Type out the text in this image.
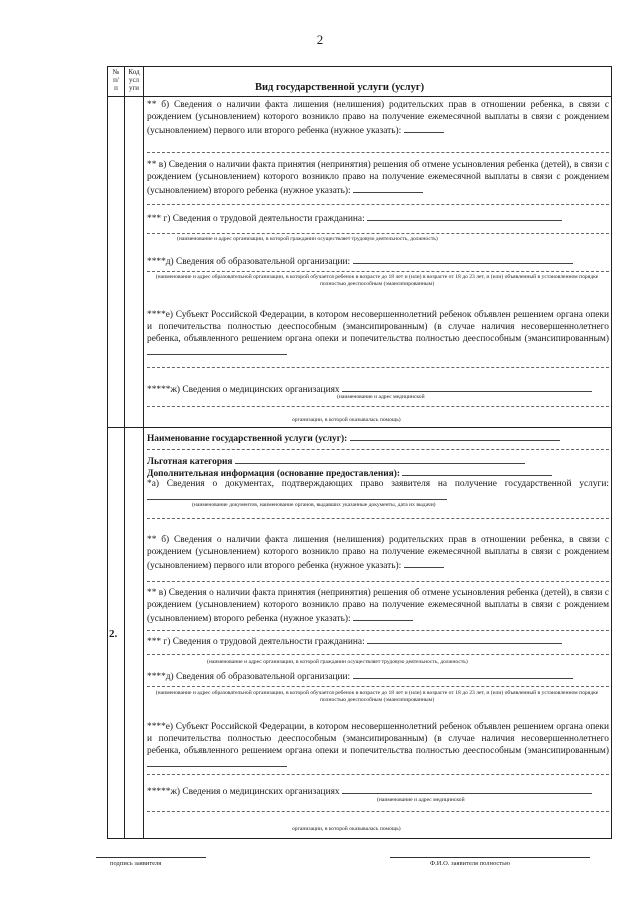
2
№
п/
п
Код
усл
уги	Вид государственной услуги (услуг)
** б) Сведения о наличии факта лишения (нелишения) родительских прав в отношении ребенка, в связи с рождением (усыновлением) которого возникло право на получение ежемесячной выплаты в связи с рождением (усыновлением) первого или второго ребенка (нужное указать):
** в) Сведения о наличии факта принятия (непринятия) решения об отмене усыновления ребенка (детей), в связи с рождением (усыновлением) которого возникло право на получение ежемесячной выплаты в связи с рождением (усыновлением) второго ребенка (нужное указать):
*** г) Сведения о трудовой деятельности гражданина:
(наименование и адрес организации, в которой гражданин осуществляет трудовую деятельность, должность)
****д) Сведения об образовательной организации:
(наименование и адрес образовательной организации, в которой обучается ребенок в возрасте до 18 лет и (или) в возрасте от 18 до 23 лет, и (или) объявленный в установленном порядке полностью дееспособным (эмансипированным)
****е) Субъект Российской Федерации, в котором несовершеннолетний ребенок объявлен решением органа опеки и попечительства полностью дееспособным (эмансипированным) (в случае наличия несовершеннолетнего ребенка, объявленного решением органа опеки и попечительства полностью дееспособным (эмансипированным)
*****ж) Сведения о медицинских организациях
(наименование и адрес медицинской
организации, в которой оказывалась помощь)
2.
Наименование государственной услуги (услуг):
Льготная категория
Дополнительная информация (основание предоставления):
*а) Сведения о документах, подтверждающих право заявителя на получение государственной услуги:
(наименование документов, наименование органов, выдавших указанные документы, дата их выдачи)
** б) Сведения о наличии факта лишения (нелишения) родительских прав в отношении ребенка, в связи с рождением (усыновлением) которого возникло право на получение ежемесячной выплаты в связи с рождением (усыновлением) первого или второго ребенка (нужное указать):
** в) Сведения о наличии факта принятия (непринятия) решения об отмене усыновления ребенка (детей), в связи с рождением (усыновлением) которого возникло право на получение ежемесячной выплаты в связи с рождением (усыновлением) второго ребенка (нужное указать):
*** г) Сведения о трудовой деятельности гражданина:
(наименование и адрес организации, в которой гражданин осуществляет трудовую деятельность, должность)
****д) Сведения об образовательной организации:
(наименование и адрес образовательной организации, в которой обучается ребенок в возрасте до 18 лет и (или) в возрасте от 18 до 23 лет, и (или) объявленный в установленном порядке полностью дееспособным (эмансипированным)
****е) Субъект Российской Федерации, в котором несовершеннолетний ребенок объявлен решением органа опеки и попечительства полностью дееспособным (эмансипированным) (в случае наличия несовершеннолетнего ребенка, объявленного решением органа опеки и попечительства полностью дееспособным (эмансипированным)
*****ж) Сведения о медицинских организациях
(наименование и адрес медицинской
организации, в которой оказывалась помощь)
подпись заявителя	Ф.И.О. заявителя полностью
